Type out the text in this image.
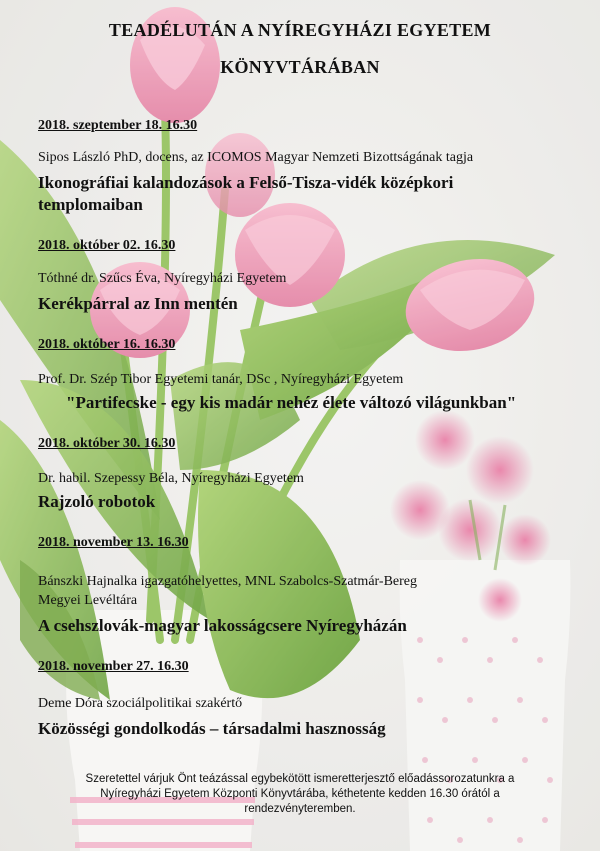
TEADÉLUTÁN A NYÍREGYHÁZI EGYETEM
KÖNYVTÁRÁBAN
2018. szeptember 18. 16.30
Sipos László PhD, docens, az ICOMOS Magyar Nemzeti Bizottságának tagja
Ikonográfiai kalandozások a Felső-Tisza-vidék középkori
templomaiban
2018. október 02. 16.30
Tóthné dr. Szűcs Éva, Nyíregyházi Egyetem
Kerékpárral az Inn mentén
2018. október 16. 16.30
Prof. Dr. Szép Tibor Egyetemi tanár, DSc , Nyíregyházi Egyetem
"Partifecske - egy kis madár nehéz élete változó világunkban"
2018. október 30. 16.30
Dr. habil. Szepessy Béla, Nyíregyházi Egyetem
Rajzoló robotok
2018. november 13. 16.30
Bánszki Hajnalka igazgatóhelyettes, MNL Szabolcs-Szatmár-Bereg
Megyei Levéltára
A csehszlovák-magyar lakosságcsere Nyíregyházán
2018. november 27. 16.30
Deme Dóra szociálpolitikai szakértő
Közösségi gondolkodás – társadalmi hasznosság
Szeretettel várjuk Önt teázással egybekötött ismeretterjesztő előadássorozatunkra a
Nyíregyházi Egyetem Központi Könyvtárába, kéthetente kedden 16.30 órától a
rendezvényteremben.
